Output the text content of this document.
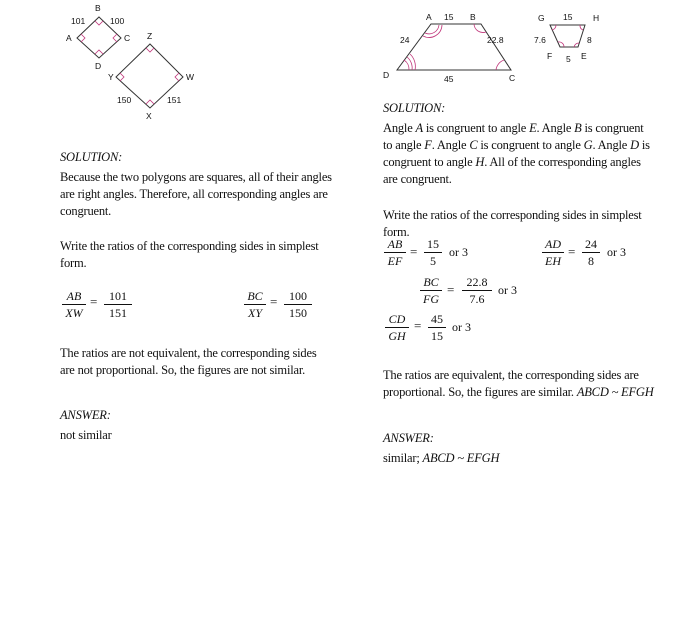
B
A	C
D
Z
Y	W
X
101	100
150	151
A	B
C
D
15
24	22.8
45
G	H
E
F
15
7.6	8
5
SOLUTION:
Because the two polygons are squares, all of their angles are right angles. Therefore, all corresponding angles are congruent.
Write the ratios of the corresponding sides in simplest form.
$\frac{AB}{XW} = \frac{101}{151}$	$\frac{BC}{XY} = \frac{100}{150}$
The ratios are not equivalent, the corresponding sides are not proportional. So, the figures are not similar.
ANSWER:
not similar
SOLUTION:
Angle A is congruent to angle E. Angle B is congruent to angle F. Angle C is congruent to angle G. Angle D is congruent to angle H. All of the corresponding angles are congruent.
Write the ratios of the corresponding sides in simplest form.
$\frac{AB}{EF} = \frac{15}{5}$ or 3	$\frac{AD}{EH} = \frac{24}{8}$ or 3
$\frac{BC}{FG} = \frac{22.8}{7.6}$ or 3
$\frac{CD}{GH} = \frac{45}{15}$ or 3
The ratios are equivalent, the corresponding sides are proportional. So, the figures are similar. ABCD ~ EFGH
ANSWER:
similar; ABCD ~ EFGH
